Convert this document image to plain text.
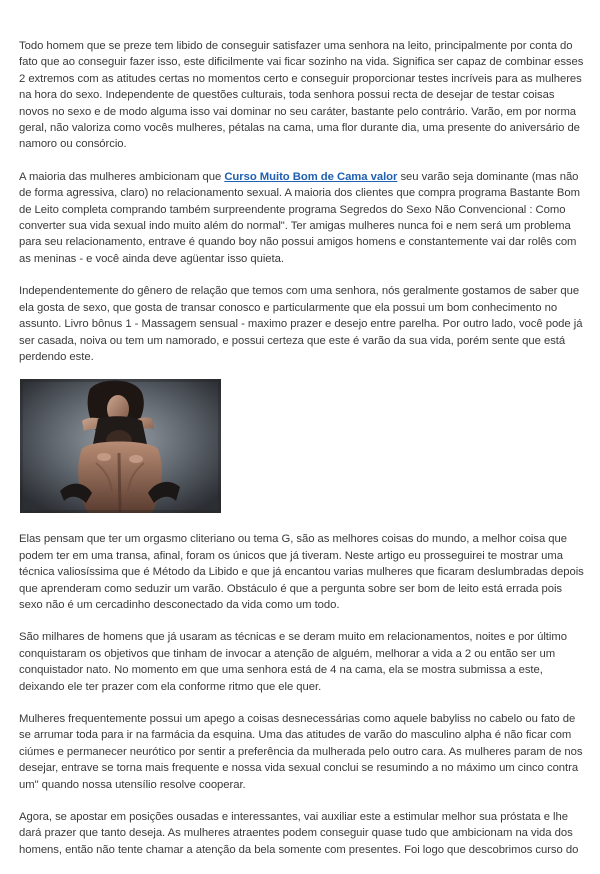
Todo homem que se preze tem libido de conseguir satisfazer uma senhora na leito, principalmente por conta do fato que ao conseguir fazer isso, este dificilmente vai ficar sozinho na vida. Significa ser capaz de combinar esses 2 extremos com as atitudes certas no momentos certo e conseguir proporcionar testes incríveis para as mulheres na hora do sexo. Independente de questões culturais, toda senhora possui recta de desejar de testar coisas novos no sexo e de modo alguma isso vai dominar no seu caráter, bastante pelo contrário. Varão, em por norma geral, não valoriza como vocês mulheres, pétalas na cama, uma flor durante dia, uma presente do aniversário de namoro ou consórcio.

A maioria das mulheres ambicionam que Curso Muito Bom de Cama valor seu varão seja dominante (mas não de forma agressiva, claro) no relacionamento sexual. A maioria dos clientes que compra programa Bastante Bom de Leito completa comprando também surpreendente programa Segredos do Sexo Não Convencional : Como converter sua vida sexual indo muito além do normal". Ter amigas mulheres nunca foi e nem será um problema para seu relacionamento, entrave é quando boy não possui amigos homens e constantemente vai dar rolês com as meninas - e você ainda deve agüentar isso quieta.

Independentemente do gênero de relação que temos com uma senhora, nós geralmente gostamos de saber que ela gosta de sexo, que gosta de transar conosco e particularmente que ela possui um bom conhecimento no assunto. Livro bônus 1 - Massagem sensual - maximo prazer e desejo entre parelha. Por outro lado, você pode já ser casada, noiva ou tem um namorado, e possui certeza que este é varão da sua vida, porém sente que está perdendo este.

Elas pensam que ter um orgasmo cliteriano ou tema G, são as melhores coisas do mundo, a melhor coisa que podem ter em uma transa, afinal, foram os únicos que já tiveram. Neste artigo eu prosseguirei te mostrar uma técnica valiosíssima que é Método da Libido e que já encantou varias mulheres que ficaram deslumbradas depois que aprenderam como seduzir um varão. Obstáculo é que a pergunta sobre ser bom de leito está errada pois sexo não é um cercadinho desconectado da vida como um todo.

São milhares de homens que já usaram as técnicas e se deram muito em relacionamentos, noites e por último conquistaram os objetivos que tinham de invocar a atenção de alguém, melhorar a vida a 2 ou então ser um conquistador nato. No momento em que uma senhora está de 4 na cama, ela se mostra submissa a este, deixando ele ter prazer com ela conforme ritmo que ele quer.

Mulheres frequentemente possui um apego a coisas desnecessárias como aquele babyliss no cabelo ou fato de se arrumar toda para ir na farmácia da esquina. Uma das atitudes de varão do masculino alpha é não ficar com ciúmes e permanecer neurótico por sentir a preferência da mulherada pelo outro cara. As mulheres param de nos desejar, entrave se torna mais frequente e nossa vida sexual conclui se resumindo a no máximo um cinco contra um" quando nossa utensílio resolve cooperar.

Agora, se apostar em posições ousadas e interessantes, vai auxiliar este a estimular melhor sua próstata e lhe dará prazer que tanto deseja. As mulheres atraentes podem conseguir quase tudo que ambicionam na vida dos homens, então não tente chamar a atenção da bela somente com presentes. Foi logo que descobrimos curso do
